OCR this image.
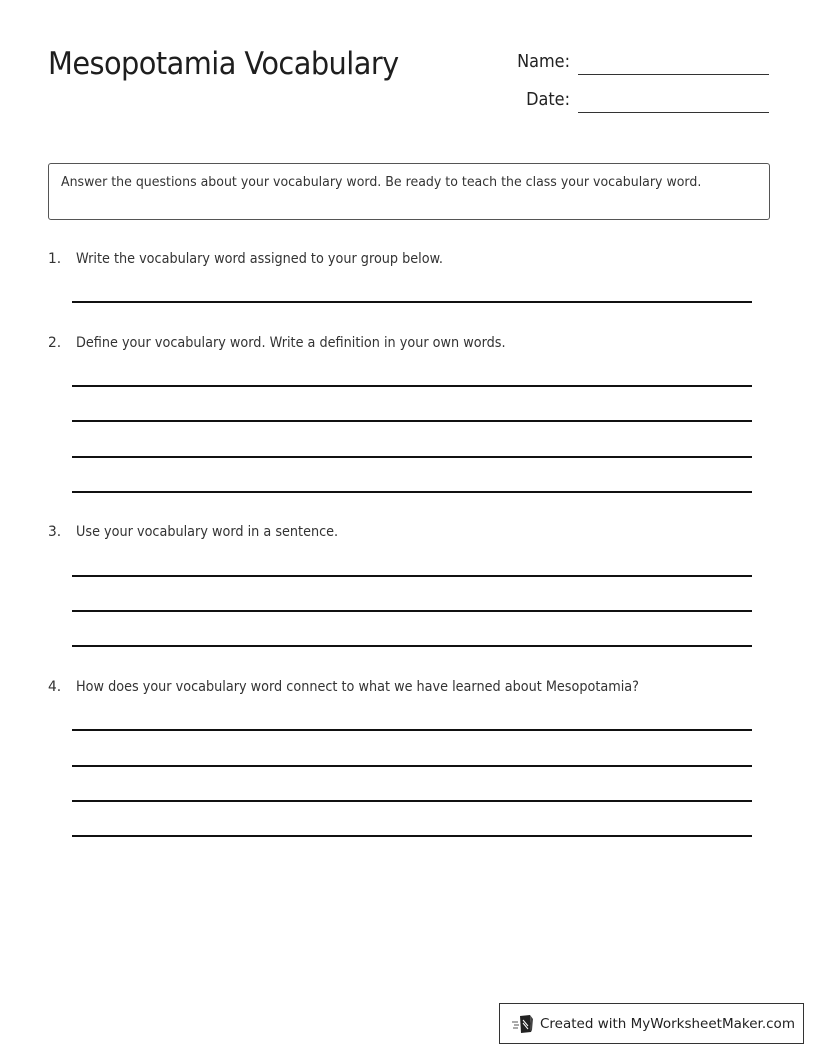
Mesopotamia Vocabulary	Name:
Date:
Answer the questions about your vocabulary word. Be ready to teach the class your vocabulary word.
1.	Write the vocabulary word assigned to your group below.
2.	Define your vocabulary word. Write a definition in your own words.
3.	Use your vocabulary word in a sentence.
4.	How does your vocabulary word connect to what we have learned about Mesopotamia?
Created with MyWorksheetMaker.com
